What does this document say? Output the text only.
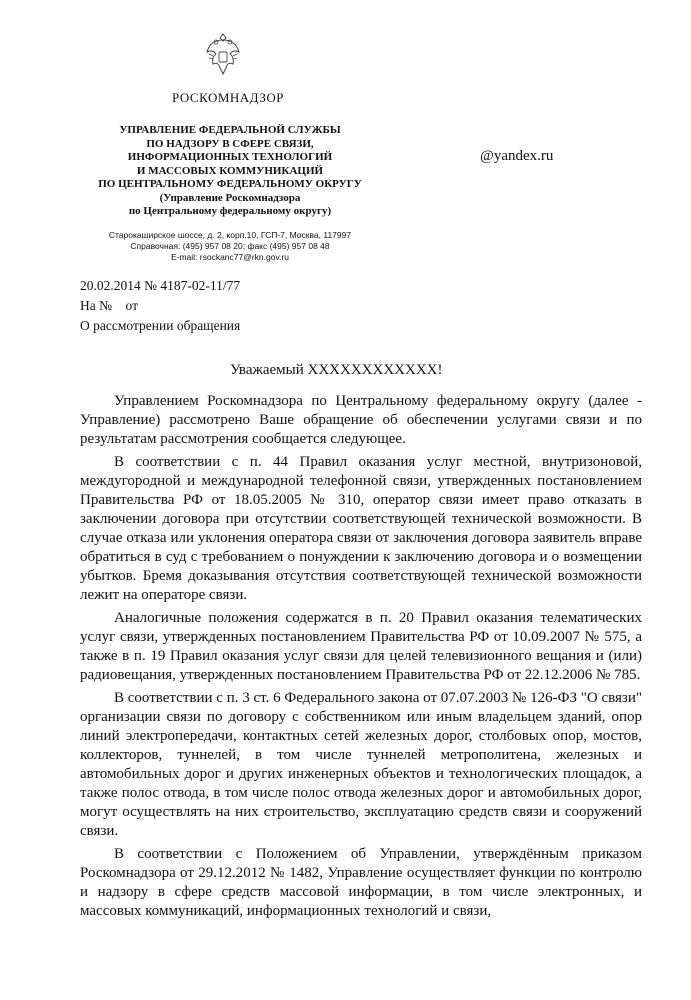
РОСКОМНАДЗОР
УПРАВЛЕНИЕ ФЕДЕРАЛЬНОЙ СЛУЖБЫ
ПО НАДЗОРУ В СФЕРЕ СВЯЗИ,
ИНФОРМАЦИОННЫХ ТЕХНОЛОГИЙ
И МАССОВЫХ КОММУНИКАЦИЙ
ПО ЦЕНТРАЛЬНОМУ ФЕДЕРАЛЬНОМУ ОКРУГУ
(Управление Роскомнадзора
по Центральному федеральному округу)
Старокаширское шоссе, д. 2, корп.10, ГСП-7, Москва, 117997
Справочная: (495) 957 08 20; факс (495) 957 08 48
E-mail: rsockanc77@rkn.gov.ru
@yandex.ru
20.02.2014 № 4187-02-11/77
На №    от
О рассмотрении обращения
Уважаемый ХХХХХХХХХХХХ!

Управлением Роскомнадзора по Центральному федеральному округу (далее - Управление) рассмотрено Ваше обращение об обеспечении услугами связи и по результатам рассмотрения сообщается следующее.

В соответствии с п. 44 Правил оказания услуг местной, внутризоновой, междугородной и международной телефонной связи, утвержденных постановлением Правительства РФ от 18.05.2005 № 310, оператор связи имеет право отказать в заключении договора при отсутствии соответствующей технической возможности. В случае отказа или уклонения оператора связи от заключения договора заявитель вправе обратиться в суд с требованием о понуждении к заключению договора и о возмещении убытков. Бремя доказывания отсутствия соответствующей технической возможности лежит на операторе связи.

Аналогичные положения содержатся в п. 20 Правил оказания телематических услуг связи, утвержденных постановлением Правительства РФ от 10.09.2007 № 575, а также в п. 19 Правил оказания услуг связи для целей телевизионного вещания и (или) радиовещания, утвержденных постановлением Правительства РФ от 22.12.2006 № 785.

В соответствии с п. 3 ст. 6 Федерального закона от 07.07.2003 № 126-ФЗ "О связи" организации связи по договору с собственником или иным владельцем зданий, опор линий электропередачи, контактных сетей железных дорог, столбовых опор, мостов, коллекторов, туннелей, в том числе туннелей метрополитена, железных и автомобильных дорог и других инженерных объектов и технологических площадок, а также полос отвода, в том числе полос отвода железных дорог и автомобильных дорог, могут осуществлять на них строительство, эксплуатацию средств связи и сооружений связи.

В соответствии с Положением об Управлении, утверждённым приказом Роскомнадзора от 29.12.2012 № 1482, Управление осуществляет функции по контролю и надзору в сфере средств массовой информации, в том числе электронных, и массовых коммуникаций, информационных технологий и связи,
